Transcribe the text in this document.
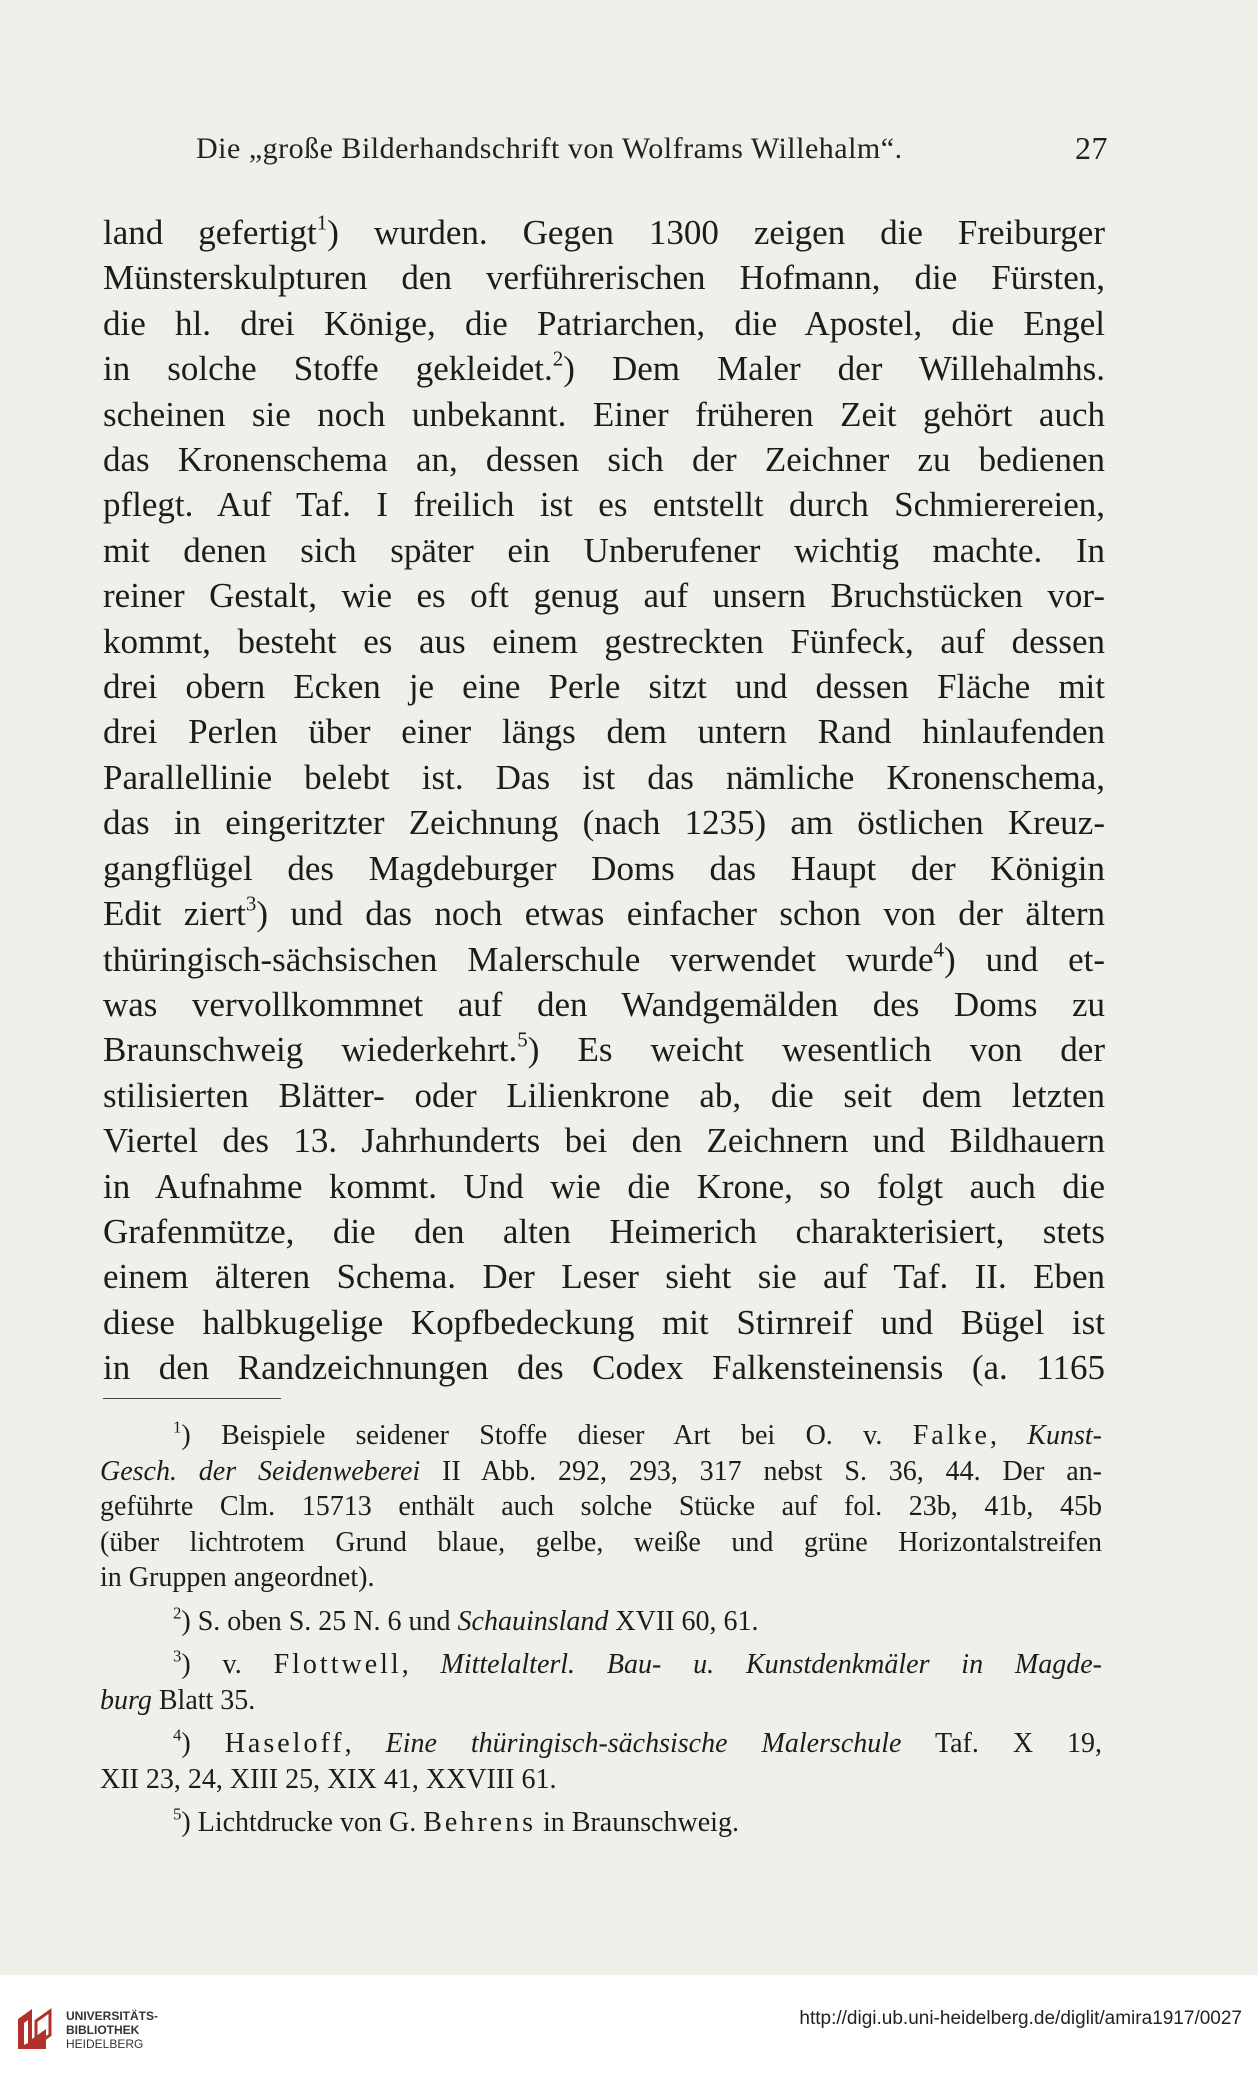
Die „große Bilderhandschrift von Wolframs Willehalm“.	27
land gefertigt$^1$) wurden. Gegen 1300 zeigen die Freiburger
Münsterskulpturen den verführerischen Hofmann, die Fürsten,
die hl. drei Könige, die Patriarchen, die Apostel, die Engel
in solche Stoffe gekleidet.$^2$) Dem Maler der Willehalmhs.
scheinen sie noch unbekannt. Einer früheren Zeit gehört auch
das Kronenschema an, dessen sich der Zeichner zu bedienen
pflegt. Auf Taf. I freilich ist es entstellt durch Schmierereien,
mit denen sich später ein Unberufener wichtig machte. In
reiner Gestalt, wie es oft genug auf unsern Bruchstücken vor-
kommt, besteht es aus einem gestreckten Fünfeck, auf dessen
drei obern Ecken je eine Perle sitzt und dessen Fläche mit
drei Perlen über einer längs dem untern Rand hinlaufenden
Parallellinie belebt ist. Das ist das nämliche Kronenschema,
das in eingeritzter Zeichnung (nach 1235) am östlichen Kreuz-
gangflügel des Magdeburger Doms das Haupt der Königin
Edit ziert$^3$) und das noch etwas einfacher schon von der ältern
thüringisch-sächsischen Malerschule verwendet wurde$^4$) und et-
was vervollkommnet auf den Wandgemälden des Doms zu
Braunschweig wiederkehrt.$^5$) Es weicht wesentlich von der
stilisierten Blätter- oder Lilienkrone ab, die seit dem letzten
Viertel des 13. Jahrhunderts bei den Zeichnern und Bildhauern
in Aufnahme kommt. Und wie die Krone, so folgt auch die
Grafenmütze, die den alten Heimerich charakterisiert, stets
einem älteren Schema. Der Leser sieht sie auf Taf. II. Eben
diese halbkugelige Kopfbedeckung mit Stirnreif und Bügel ist
in den Randzeichnungen des Codex Falkensteinensis (a. 1165
$^1$) Beispiele seidener Stoffe dieser Art bei O. v. Falke, Kunst-
Gesch. der Seidenweberei II Abb. 292, 293, 317 nebst S. 36, 44. Der an-
geführte Clm. 15713 enthält auch solche Stücke auf fol. 23b, 41b, 45b
(über lichtrotem Grund blaue, gelbe, weiße und grüne Horizontalstreifen
in Gruppen angeordnet).
$^2$) S. oben S. 25 N. 6 und Schauinsland XVII 60, 61.
$^3$) v. Flottwell, Mittelalterl. Bau- u. Kunstdenkmäler in Magde-
burg Blatt 35.
$^4$) Haseloff, Eine thüringisch-sächsische Malerschule Taf. X 19,
XII 23, 24, XIII 25, XIX 41, XXVIII 61.
$^5$) Lichtdrucke von G. Behrens in Braunschweig.
UNIVERSITÄTS-
BIBLIOTHEK
HEIDELBERG
http://digi.ub.uni-heidelberg.de/diglit/amira1917/0027
